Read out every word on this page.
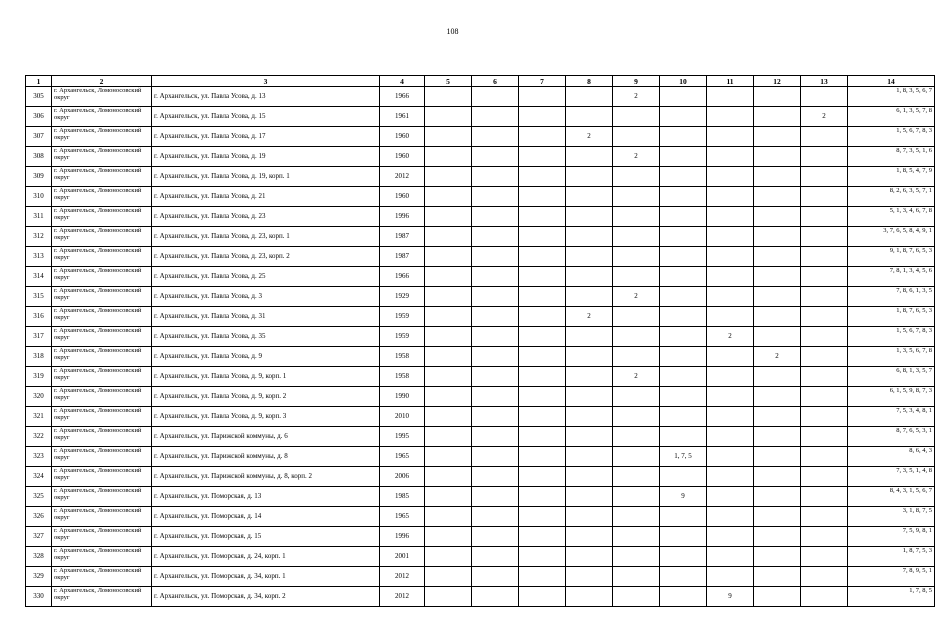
108
1	2	3	4	5	6	7	8	9	10	11	12	13	14
305	г. Архангельск, Ломоносовский округ	г. Архангельск, ул. Павла Усова, д. 13	1966					2					1, 8, 3, 5, 6, 7
306	г. Архангельск, Ломоносовский округ	г. Архангельск, ул. Павла Усова, д. 15	1961									2	6, 1, 3, 5, 7, 8
307	г. Архангельск, Ломоносовский округ	г. Архангельск, ул. Павла Усова, д. 17	1960				2						1, 5, 6, 7, 8, 3
308	г. Архангельск, Ломоносовский округ	г. Архангельск, ул. Павла Усова, д. 19	1960					2					8, 7, 3, 5, 1, 6
309	г. Архангельск, Ломоносовский округ	г. Архангельск, ул. Павла Усова, д. 19, корп. 1	2012										1, 8, 5, 4, 7, 9
310	г. Архангельск, Ломоносовский округ	г. Архангельск, ул. Павла Усова, д. 21	1960										8, 2, 6, 3, 5, 7, 1
311	г. Архангельск, Ломоносовский округ	г. Архангельск, ул. Павла Усова, д. 23	1996										5, 1, 3, 4, 6, 7, 8
312	г. Архангельск, Ломоносовский округ	г. Архангельск, ул. Павла Усова, д. 23, корп. 1	1987										3, 7, 6, 5, 8, 4, 9, 1
313	г. Архангельск, Ломоносовский округ	г. Архангельск, ул. Павла Усова, д. 23, корп. 2	1987										9, 1, 8, 7, 6, 5, 3
314	г. Архангельск, Ломоносовский округ	г. Архангельск, ул. Павла Усова, д. 25	1966										7, 8, 1, 3, 4, 5, 6
315	г. Архангельск, Ломоносовский округ	г. Архангельск, ул. Павла Усова, д. 3	1929					2					7, 8, 6, 1, 3, 5
316	г. Архангельск, Ломоносовский округ	г. Архангельск, ул. Павла Усова, д. 31	1959				2						1, 8, 7, 6, 5, 3
317	г. Архангельск, Ломоносовский округ	г. Архангельск, ул. Павла Усова, д. 35	1959							2			1, 5, 6, 7, 8, 3
318	г. Архангельск, Ломоносовский округ	г. Архангельск, ул. Павла Усова, д. 9	1958								2		1, 3, 5, 6, 7, 8
319	г. Архангельск, Ломоносовский округ	г. Архангельск, ул. Павла Усова, д. 9, корп. 1	1958					2					6, 8, 1, 3, 5, 7
320	г. Архангельск, Ломоносовский округ	г. Архангельск, ул. Павла Усова, д. 9, корп. 2	1990										6, 1, 5, 9, 8, 7, 3
321	г. Архангельск, Ломоносовский округ	г. Архангельск, ул. Павла Усова, д. 9, корп. 3	2010										7, 5, 3, 4, 8, 1
322	г. Архангельск, Ломоносовский округ	г. Архангельск, ул. Парижской коммуны, д. 6	1995										8, 7, 6, 5, 3, 1
323	г. Архангельск, Ломоносовский округ	г. Архангельск, ул. Парижской коммуны, д. 8	1965						1, 7, 5				8, 6, 4, 3
324	г. Архангельск, Ломоносовский округ	г. Архангельск, ул. Парижской коммуны, д. 8, корп. 2	2006										7, 3, 5, 1, 4, 8
325	г. Архангельск, Ломоносовский округ	г. Архангельск, ул. Поморская, д. 13	1985						9				8, 4, 3, 1, 5, 6, 7
326	г. Архангельск, Ломоносовский округ	г. Архангельск, ул. Поморская, д. 14	1965										3, 1, 8, 7, 5
327	г. Архангельск, Ломоносовский округ	г. Архангельск, ул. Поморская, д. 15	1996										7, 5, 9, 8, 1
328	г. Архангельск, Ломоносовский округ	г. Архангельск, ул. Поморская, д. 24, корп. 1	2001										1, 8, 7, 5, 3
329	г. Архангельск, Ломоносовский округ	г. Архангельск, ул. Поморская, д. 34, корп. 1	2012										7, 8, 9, 5, 1
330	г. Архангельск, Ломоносовский округ	г. Архангельск, ул. Поморская, д. 34, корп. 2	2012							9			1, 7, 8, 5
